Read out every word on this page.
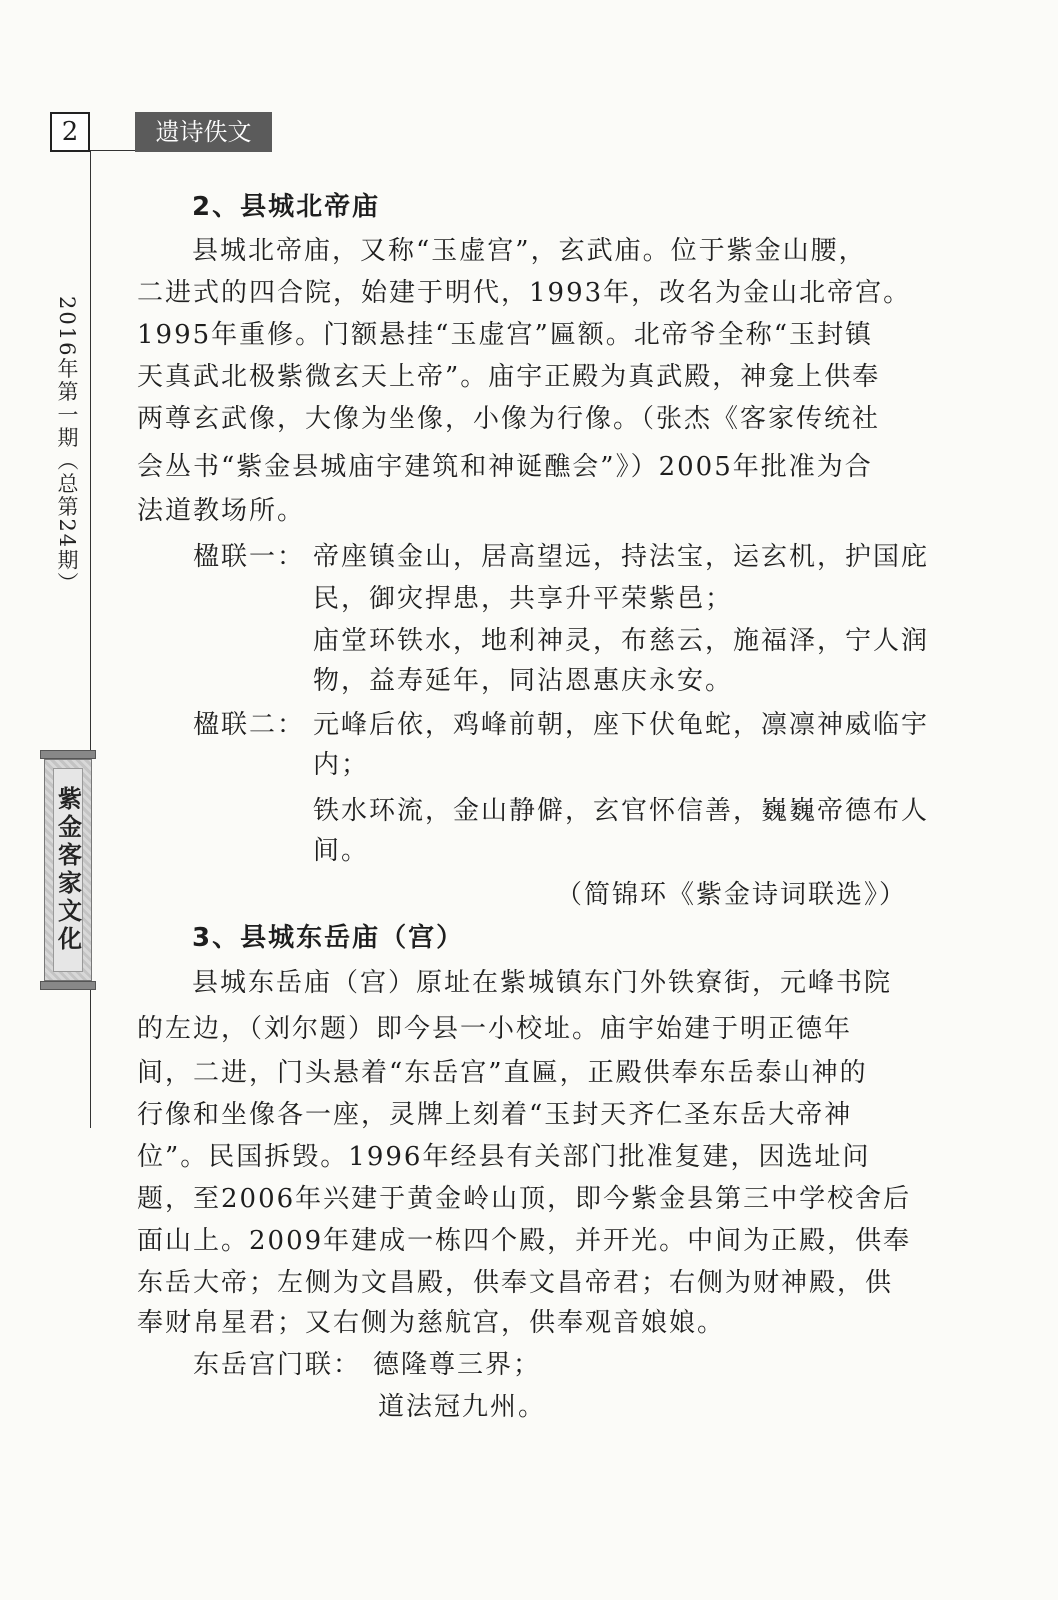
2	遗诗佚文
2016年第一期（总第24期）
紫金客家文化

2、县城北帝庙

县城北帝庙，又称“玉虚宫”，玄武庙。位于紫金山腰，

二进式的四合院，始建于明代，1993年，改名为金山北帝宫。

1995年重修。门额悬挂“玉虚宫”匾额。北帝爷全称“玉封镇

天真武北极紫微玄天上帝”。庙宇正殿为真武殿，神龛上供奉

两尊玄武像，大像为坐像，小像为行像。（张杰《客家传统社

会丛书“紫金县城庙宇建筑和神诞醮会”》）2005年批准为合

法道教场所。

楹联一： 帝座镇金山，居高望远，持法宝，运玄机，护国庇

民，御灾捍患，共享升平荣紫邑；

庙堂环铁水，地利神灵，布慈云，施福泽，宁人润

物，益寿延年，同沾恩惠庆永安。

楹联二： 元峰后依，鸡峰前朝，座下伏龟蛇，凛凛神威临宇

内；

铁水环流，金山静僻，玄官怀信善，巍巍帝德布人

间。

（简锦环《紫金诗词联选》）

3、县城东岳庙（宫）

县城东岳庙（宫）原址在紫城镇东门外铁寮街，元峰书院

的左边，（刘尔题）即今县一小校址。庙宇始建于明正德年

间，二进，门头悬着“东岳宫”直匾，正殿供奉东岳泰山神的

行像和坐像各一座，灵牌上刻着“玉封天齐仁圣东岳大帝神

位”。民国拆毁。1996年经县有关部门批准复建，因选址问

题，至2006年兴建于黄金岭山顶，即今紫金县第三中学校舍后

面山上。2009年建成一栋四个殿，并开光。中间为正殿，供奉

东岳大帝；左侧为文昌殿，供奉文昌帝君；右侧为财神殿，供

奉财帛星君；又右侧为慈航宫，供奉观音娘娘。

东岳宫门联： 德隆尊三界；

道法冠九州。
